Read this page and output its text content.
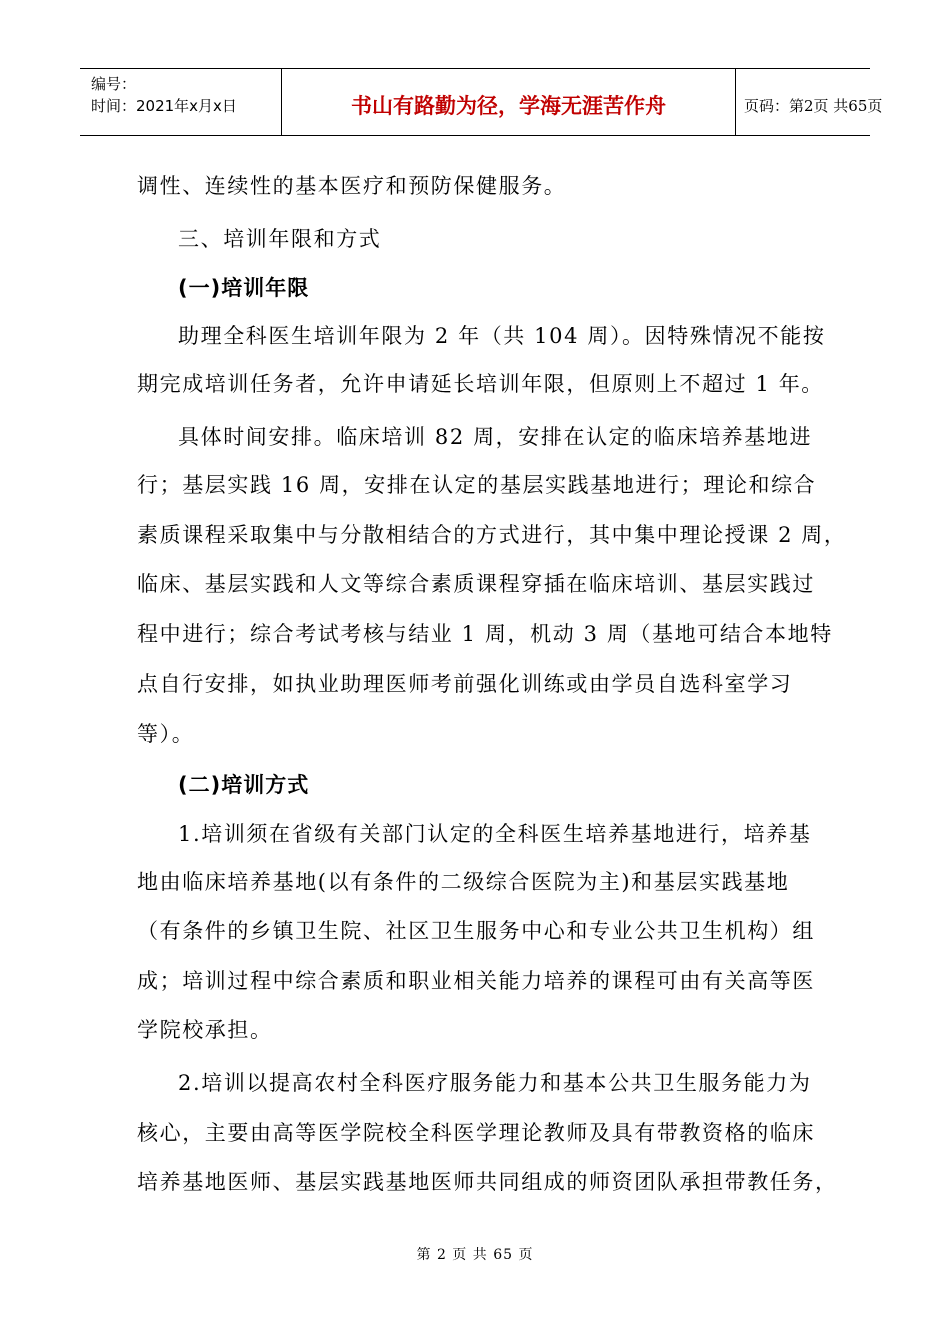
编号：
时间：2021年x月x日	书山有路勤为径，学海无涯苦作舟	页码：第2页 共65页
调性、连续性的基本医疗和预防保健服务。
三、培训年限和方式
(一)培训年限
助理全科医生培训年限为 2 年（共 104 周）。因特殊情况不能按
期完成培训任务者，允许申请延长培训年限，但原则上不超过 1 年。
具体时间安排。临床培训 82 周，安排在认定的临床培养基地进
行；基层实践 16 周，安排在认定的基层实践基地进行；理论和综合
素质课程采取集中与分散相结合的方式进行，其中集中理论授课 2 周，
临床、基层实践和人文等综合素质课程穿插在临床培训、基层实践过
程中进行；综合考试考核与结业 1 周，机动 3 周（基地可结合本地特
点自行安排，如执业助理医师考前强化训练或由学员自选科室学习
等）。
(二)培训方式
1.培训须在省级有关部门认定的全科医生培养基地进行，培养基
地由临床培养基地(以有条件的二级综合医院为主)和基层实践基地
（有条件的乡镇卫生院、社区卫生服务中心和专业公共卫生机构）组
成；培训过程中综合素质和职业相关能力培养的课程可由有关高等医
学院校承担。
2.培训以提高农村全科医疗服务能力和基本公共卫生服务能力为
核心，主要由高等医学院校全科医学理论教师及具有带教资格的临床
培养基地医师、基层实践基地医师共同组成的师资团队承担带教任务，
第 2 页 共 65 页
